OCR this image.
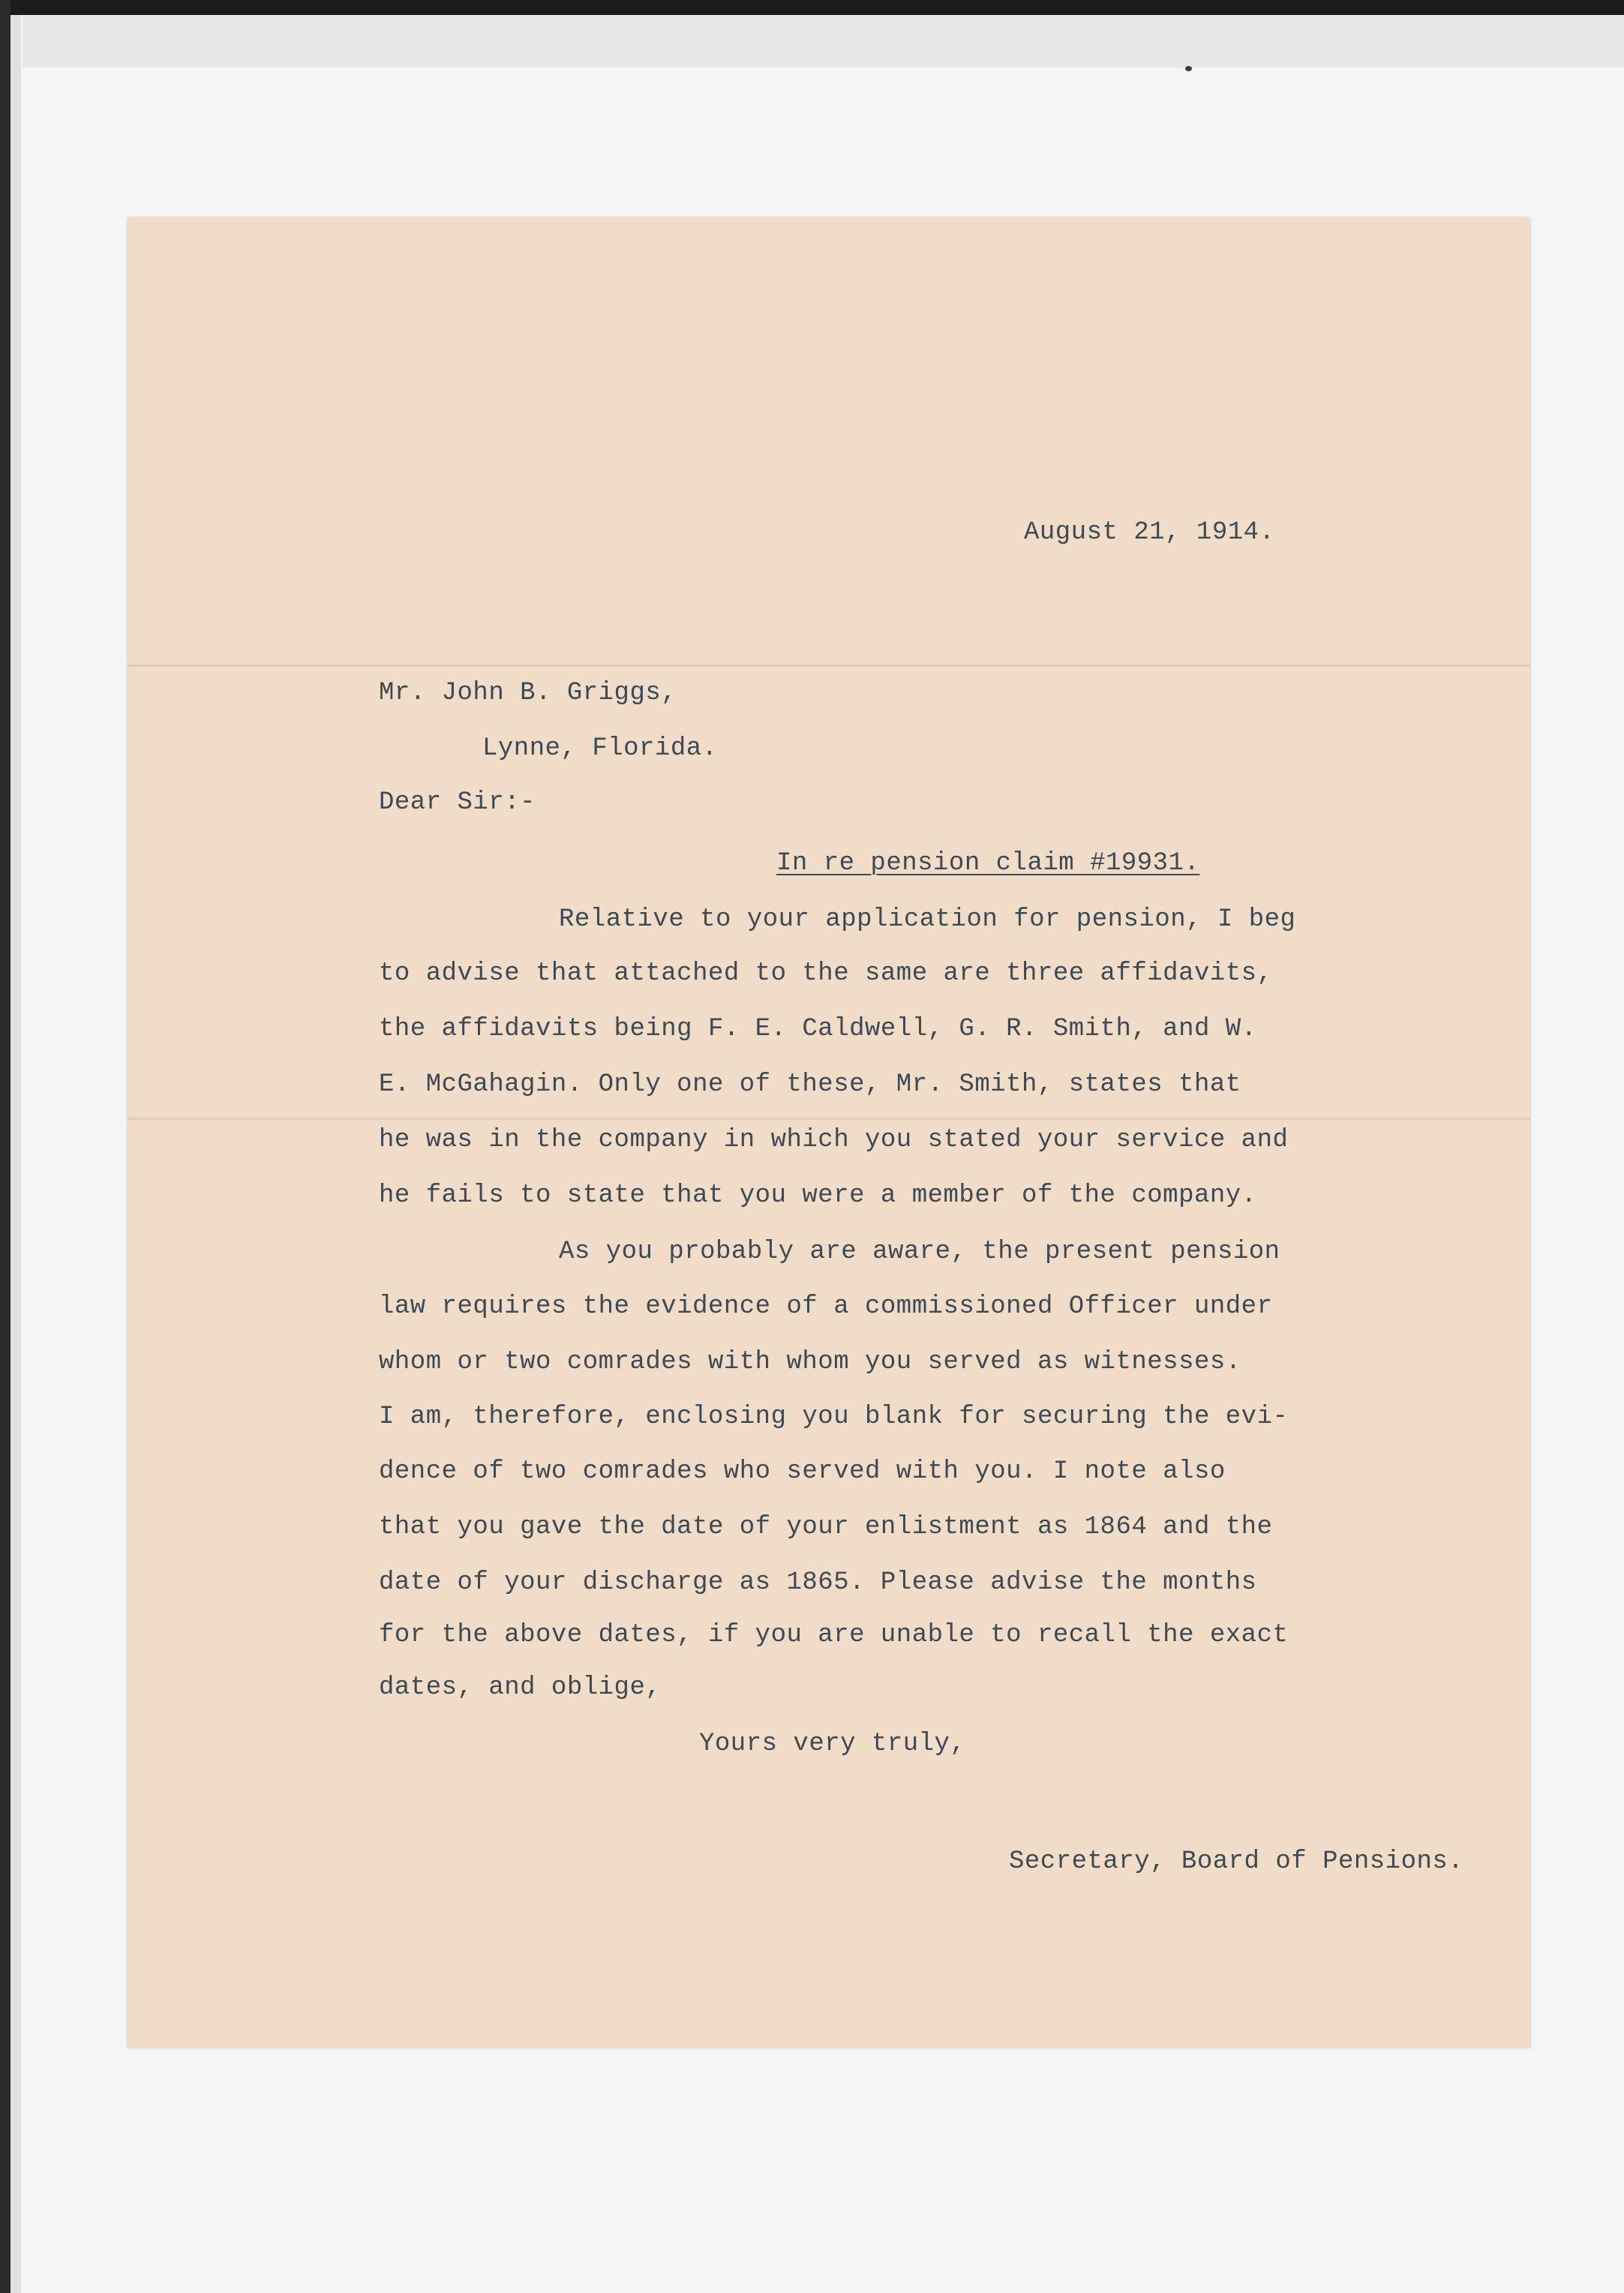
August 21, 1914.

Mr. John B. Griggs,

Lynne, Florida.

Dear Sir:-

In re pension claim #19931.

Relative to your application for pension, I beg

to advise that attached to the same are three affidavits,

the affidavits being F. E. Caldwell, G. R. Smith, and W.

E. McGahagin. Only one of these, Mr. Smith, states that

he was in the company in which you stated your service and

he fails to state that you were a member of the company.

As you probably are aware, the present pension

law requires the evidence of a commissioned Officer under

whom or two comrades with whom you served as witnesses.

I am, therefore, enclosing you blank for securing the evi-

dence of two comrades who served with you. I note also

that you gave the date of your enlistment as 1864 and the

date of your discharge as 1865. Please advise the months

for the above dates, if you are unable to recall the exact

dates, and oblige,

Yours very truly,

Secretary, Board of Pensions.
